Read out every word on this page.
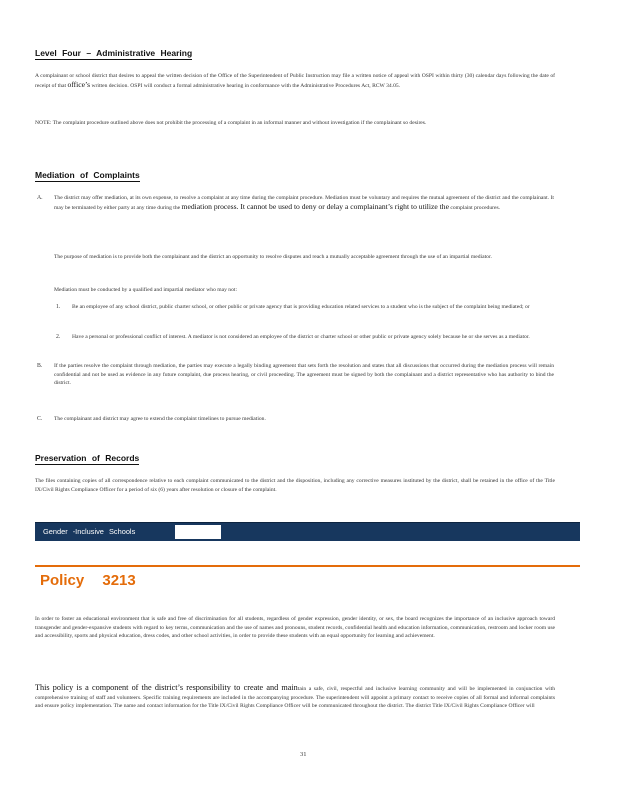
Level Four – Administrative Hearing
A complainant or school district that desires to appeal the written decision of the Office of the Superintendent of Public Instruction may file a written notice of appeal with OSPI within thirty (30) calendar days following the date of receipt of that office’s written decision. OSPI will conduct a formal administrative hearing in conformance with the Administrative Procedures Act, RCW 34.05.
NOTE: The complaint procedure outlined above does not prohibit the processing of a complaint in an informal manner and without investigation if the complainant so desires.
Mediation of Complaints
A. The district may offer mediation, at its own expense, to resolve a complaint at any time during the complaint procedure. Mediation must be voluntary and requires the mutual agreement of the district and the complainant. It may be terminated by either party at any time during the mediation process. It cannot be used to deny or delay a complainant’s right to utilize the complaint procedures.
The purpose of mediation is to provide both the complainant and the district an opportunity to resolve disputes and reach a mutually acceptable agreement through the use of an impartial mediator.
Mediation must be conducted by a qualified and impartial mediator who may not:
1. Be an employee of any school district, public charter school, or other public or private agency that is providing education related services to a student who is the subject of the complaint being mediated; or
2. Have a personal or professional conflict of interest. A mediator is not considered an employee of the district or charter school or other public or private agency solely because he or she serves as a mediator.
B. If the parties resolve the complaint through mediation, the parties may execute a legally binding agreement that sets forth the resolution and states that all discussions that occurred during the mediation process will remain confidential and not be used as evidence in any future complaint, due process hearing, or civil proceeding. The agreement must be signed by both the complainant and a district representative who has authority to bind the district.
C. The complainant and district may agree to extend the complaint timelines to pursue mediation.
Preservation of Records
The files containing copies of all correspondence relative to each complaint communicated to the district and the disposition, including any corrective measures instituted by the district, shall be retained in the office of the Title IX/Civil Rights Compliance Officer for a period of six (6) years after resolution or closure of the complaint.
Gender -Inclusive Schools
Policy 3213
In order to foster an educational environment that is safe and free of discrimination for all students, regardless of gender expression, gender identity, or sex, the board recognizes the importance of an inclusive approach toward transgender and gender-expansive students with regard to key terms, communication and the use of names and pronouns, student records, confidential health and education information, communication, restroom and locker room use and accessibility, sports and physical education, dress codes, and other school activities, in order to provide these students with an equal opportunity for learning and achievement.
This policy is a component of the district’s responsibility to create and maintain a safe, civil, respectful and inclusive learning community and will be implemented in conjunction with comprehensive training of staff and volunteers. Specific training requirements are included in the accompanying procedure. The superintendent will appoint a primary contact to receive copies of all formal and informal complaints and ensure policy implementation. The name and contact information for the Title IX/Civil Rights Compliance Officer will be communicated throughout the district. The district Title IX/Civil Rights Compliance Officer will
31
